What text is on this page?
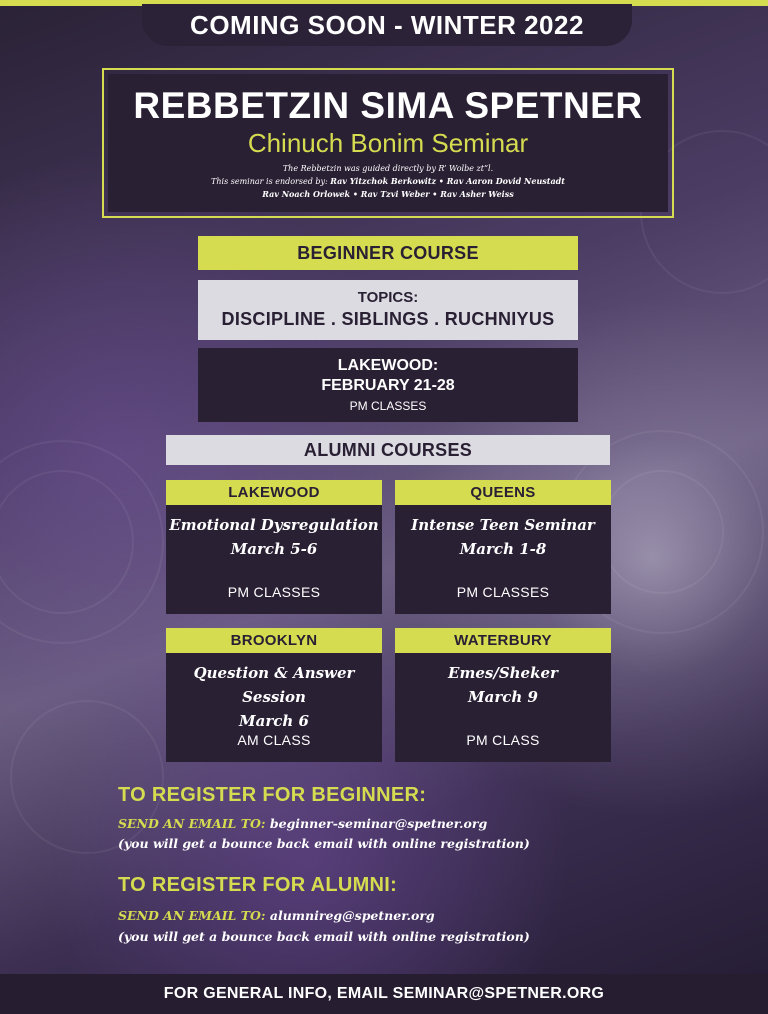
COMING SOON - WINTER 2022
REBBETZIN SIMA SPETNER
Chinuch Bonim Seminar
The Rebbetzin was guided directly by R’ Wolbe zt”l.
This seminar is endorsed by: Rav Yitzchok Berkowitz • Rav Aaron Dovid Neustadt
Rav Noach Orlowek • Rav Tzvi Weber • Rav Asher Weiss
BEGINNER COURSE
TOPICS:
DISCIPLINE . SIBLINGS . RUCHNIYUS
LAKEWOOD:
FEBRUARY 21-28
PM CLASSES
ALUMNI COURSES
LAKEWOOD
Emotional Dysregulation
March 5-6
PM CLASSES
QUEENS
Intense Teen Seminar
March 1-8
PM CLASSES
BROOKLYN
Question & Answer Session
March 6
AM CLASS
WATERBURY
Emes/Sheker
March 9
PM CLASS
TO REGISTER FOR BEGINNER:
SEND AN EMAIL TO: beginner-seminar@spetner.org
(you will get a bounce back email with online registration)
TO REGISTER FOR ALUMNI:
SEND AN EMAIL TO: alumnireg@spetner.org
(you will get a bounce back email with online registration)
FOR GENERAL INFO, EMAIL SEMINAR@SPETNER.ORG
